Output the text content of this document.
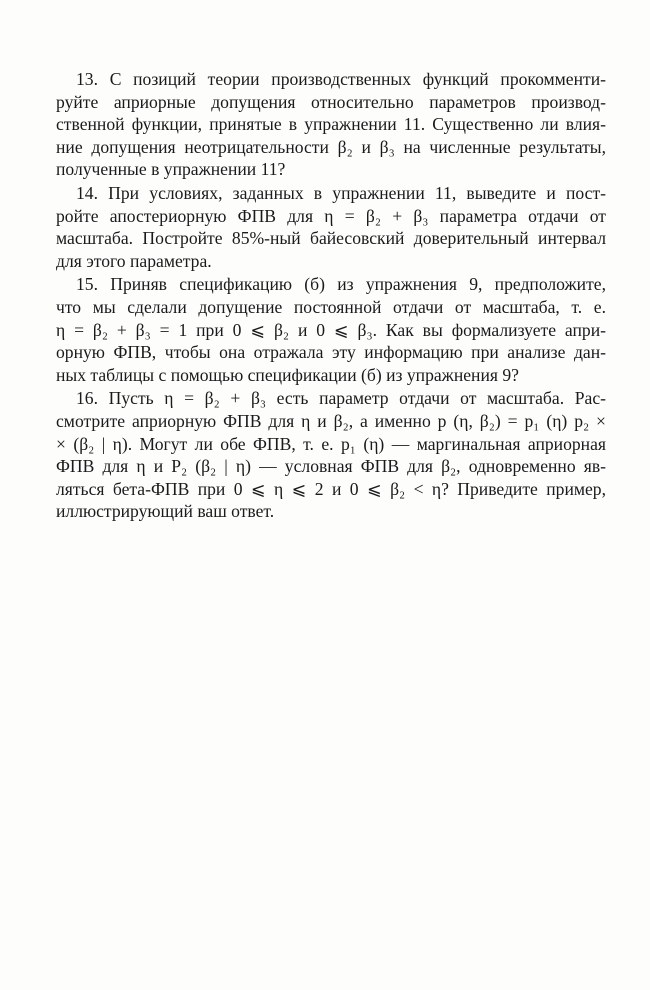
13. С позиций теории производственных функций прокомменти-
руйте априорные допущения относительно параметров производ-
ственной функции, принятые в упражнении 11. Существенно ли влия-
ние допущения неотрицательности β₂ и β₃ на численные результаты,
полученные в упражнении 11?
14. При условиях, заданных в упражнении 11, выведите и пост-
ройте апостериорную ФПВ для η = β₂ + β₃ параметра отдачи от
масштаба. Постройте 85%-ный байесовский доверительный интервал
для этого параметра.
15. Приняв спецификацию (б) из упражнения 9, предположите,
что мы сделали допущение постоянной отдачи от масштаба, т. е.
η = β₂ + β₃ = 1 при 0 ⩽ β₂ и 0 ⩽ β₃. Как вы формализуете апри-
орную ФПВ, чтобы она отражала эту информацию при анализе дан-
ных таблицы с помощью спецификации (б) из упражнения 9?
16. Пусть η = β₂ + β₃ есть параметр отдачи от масштаба. Рас-
смотрите априорную ФПВ для η и β₂, а именно p (η, β₂) = p₁ (η) p₂ ×
× (β₂ | η). Могут ли обе ФПВ, т. е. p₁ (η) — маргинальная априорная
ФПВ для η и P₂ (β₂ | η) — условная ФПВ для β₂, одновременно яв-
ляться бета-ФПВ при 0 ⩽ η ⩽ 2 и 0 ⩽ β₂ < η? Приведите пример,
иллюстрирующий ваш ответ.
